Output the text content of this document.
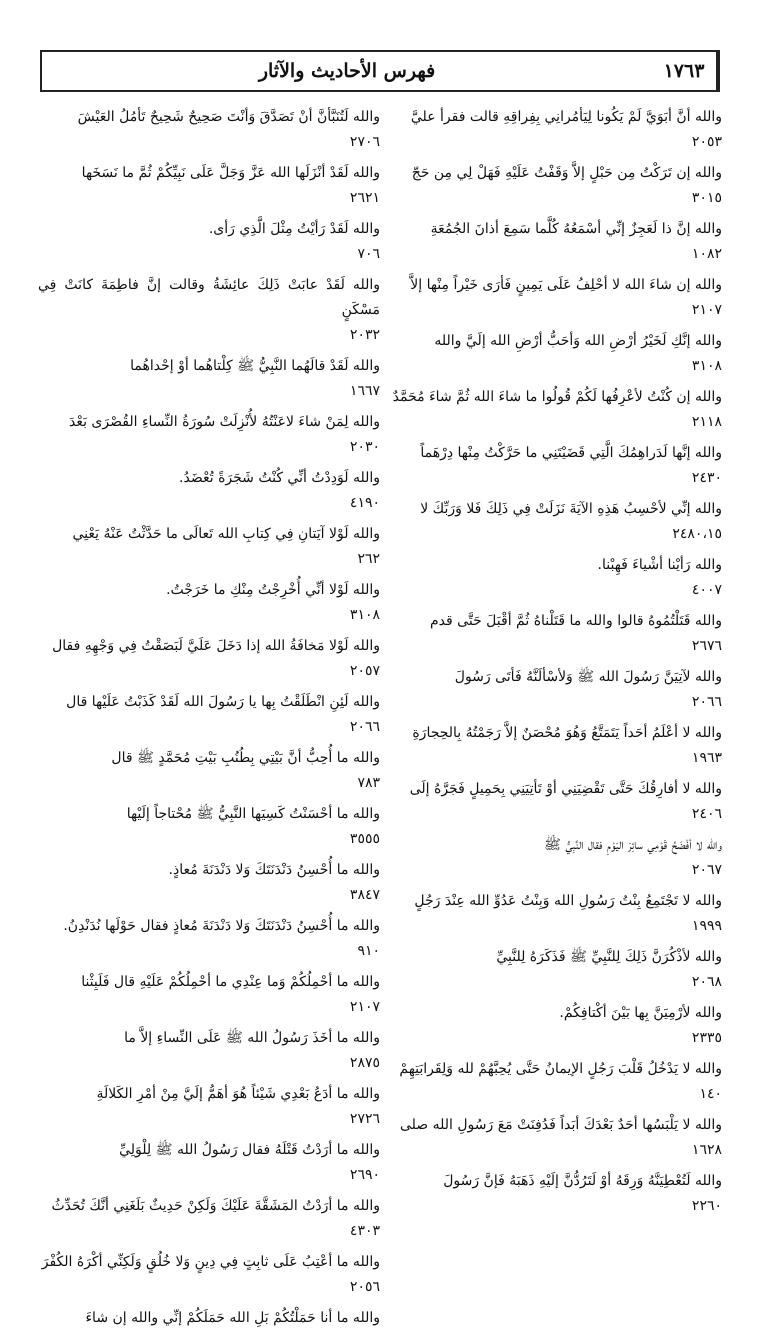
فهرس الأحاديث والآثار	١٧٦٣
والله أنَّ أبَوَيَّ لَمْ يَكُونا لِيَأمُرانِي بِفِراقِهِ قالت فقرأ عليَّ
٢٠٥٣
والله إن تَرَكْتُ مِن حَبْلٍ إلاَّ وَقَفْتُ عَلَيْهِ فَهَلْ لِي مِن حَجّ
٣٠١٥
والله إنَّ ذا لَعَجِزٌ إنِّي أسْمَعُهُ كُلَّما سَمِعَ أذانَ الجُمُعَةِ
١٠٨٢
والله إن شاءَ الله لا أحْلِفُ عَلَى يَمِينٍ فَأرَى خَيْراً مِنْها إلاَّ
٢١٠٧
والله إنَّكِ لَخَيْرُ أرْضِ الله وَأحَبُّ أرْضِ الله إلَيَّ والله
٣١٠٨
والله إن كُنْتُ لأعْرِفُها لَكُمْ قُولُوا ما شاءَ الله ثُمَّ شاءَ مُحَمَّدٌ
٢١١٨
والله إنَّها لَدَراهِمُكَ الَّتِي قَضَيْتَنِي ما حَرَّكْتُ مِنْها دِرْهَماً
٢٤٣٠
والله إنِّي لأحْسِبُ هَذِهِ الآيَةَ نَزَلَتْ فِي ذَلِكَ فَلا وَرَبِّكَ لا
٢٤٨٠،١٥
والله رَأيْنا أشْياءَ فَهِبْنا.
٤٠٠٧
والله قَتَلْتُمُوهُ قالوا والله ما قَتَلْناهُ ثُمَّ أقْبَلَ حَتَّى قدم
٢٦٧٦
والله لآتِيَنَّ رَسُولَ الله ﷺ وَلأسْألَنَّهُ فَأتَى رَسُولَ
٢٠٦٦
والله لا أعْلَمُ أحَداً يَتَمَتَّعُ وَهُوَ مُحْصَنٌ إلاَّ رَجَمْتُهُ بِالحِجارَةِ
١٩٦٣
والله لا أفارِقُكَ حَتَّى تَقْضِيَنِي أوْ تَأتِيَنِي بِحَمِيلٍ فَجَرَّهُ إلَى
٢٤٠٦
والله لا أفْضَحُ قَوْمِي سائِرَ اليَوْمِ فقال النَّبِيُّ ﷺ
٢٠٦٧
والله لا تَجْتَمِعُ بِنْتُ رَسُولِ الله وَبِنْتُ عَدُوِّ الله عِنْدَ رَجُلٍ
١٩٩٩
والله لأذْكُرَنَّ ذَلِكَ لِلنَّبِيِّ ﷺ فَذَكَرَهُ لِلنَّبِيِّ
٢٠٦٨
والله لأرْمِيَنَّ بِها بَيْنَ أكْتافِكُمْ.
٢٣٣٥
والله لا يَدْخُلُ قَلْبَ رَجُلٍ الإيمانُ حَتَّى يُحِبَّهُمْ لله وَلِقَرابَتِهِمْ
١٤٠
والله لا يَلْبَسُها أحَدٌ بَعْدَكَ أبَداً فَدُفِنَتْ مَعَ رَسُولِ الله صلى
١٦٢٨
والله لَتُعْطِيَنَّهُ وَرِقَهُ أوْ لَتَرُدُّنَّ إلَيْهِ ذَهَبَهُ فَإنَّ رَسُولَ
٢٢٦٠
والله لَتُنَبَّأنَّ أنْ تَصَدَّقَ وَأنْتَ صَحِيحٌ شَحِيحٌ تَأمُلُ العَيْشَ
٢٧٠٦
والله لَقَدْ أنْزَلَها الله عَزَّ وَجَلَّ عَلَى نَبِيِّكُمْ ثُمَّ ما نَسَخَها
٢٦٢١
والله لَقَدْ رَأيْتُ مِثْلَ الَّذِي رَأى.
٧٠٦
والله لَقَدْ عابَتْ ذَلِكَ عائِشَةُ وقالت إنَّ فاطِمَةَ كانَتْ فِي مَسْكَنٍ
٢٠٣٢
والله لَقَدْ قالَهُما النَّبِيُّ ﷺ كِلْتاهُما أوْ إحْداهُما
١٦٦٧
والله لِمَنْ شاءَ لاعَنْتُهُ لأُنْزِلَتْ سُورَةُ النِّساءِ القُصْرَى بَعْدَ
٢٠٣٠
والله لَوَدِدْتُ أنِّي كُنْتُ شَجَرَةً تُعْضَدُ.
٤١٩٠
والله لَوْلا آيَتانِ فِي كِتابِ الله تَعالَى ما حَدَّثْتُ عَنْهُ يَعْنِي
٢٦٢
والله لَوْلا أنِّي أُخْرِجْتُ مِنْكِ ما خَرَجْتُ.
٣١٠٨
والله لَوْلا مَخافَةُ الله إذا دَخَلَ عَلَيَّ لَبَصَقْتُ فِي وَجْهِهِ فقال
٢٠٥٧
والله لَئِنِ انْطَلَقْتُ بِها يا رَسُولَ الله لَقَدْ كَذَبْتُ عَلَيْها قال
٢٠٦٦
والله ما أُحِبُّ أنَّ بَيْتِي بِطُنُبِ بَيْتِ مُحَمَّدٍ ﷺ قال
٧٨٣
والله ما أحْسَنْتُ كَسِيَها النَّبِيُّ ﷺ مُحْتاجاً إلَيْها
٣٥٥٥
والله ما أُحْسِنُ دَنْدَنَتَكَ وَلا دَنْدَنَةَ مُعاذٍ.
٣٨٤٧
والله ما أُحْسِنُ دَنْدَنَتَكَ وَلا دَنْدَنَةَ مُعاذٍ فقال حَوْلَها نُدَنْدِنُ.
٩١٠
والله ما أحْمِلُكُمْ وَما عِنْدِي ما أحْمِلُكُمْ عَلَيْهِ قال فَلَبِثْنا
٢١٠٧
والله ما أخَذَ رَسُولُ الله ﷺ عَلَى النِّساءِ إلاَّ ما
٢٨٧٥
والله ما أدَعُ بَعْدِي شَيْئاً هُوَ أهَمُّ إلَيَّ مِنْ أمْرِ الكَلالَةِ
٢٧٢٦
والله ما أرَدْتُ قَتْلَهُ فقال رَسُولُ الله ﷺ لِلْوَلِيِّ
٢٦٩٠
والله ما أرَدْتُ المَشَقَّةَ عَلَيْكَ وَلَكِنْ حَدِيثٌ بَلَغَنِي أنَّكَ تُحَدِّثُ
٤٣٠٣
والله ما أعْتِبُ عَلَى ثابِتٍ فِي دِينٍ وَلا خُلُقٍ وَلَكِنِّي أكْرَهُ الكُفْرَ
٢٠٥٦
والله ما أنا حَمَلْتُكُمْ بَلِ الله حَمَلَكُمْ إنِّي والله إن شاءَ
